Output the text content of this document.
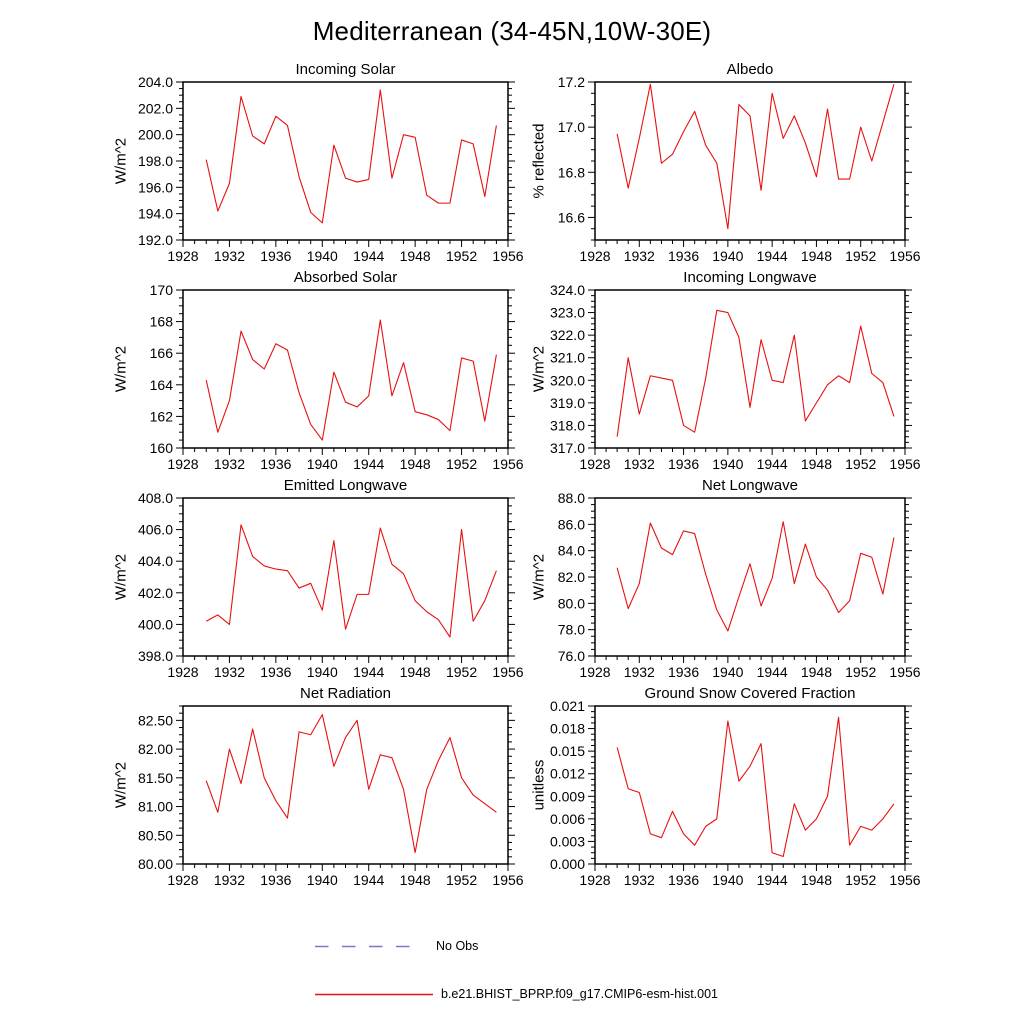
Mediterranean (34-45N,10W-30E)
Incoming Solar
W/m^2
1928 1932 1936 1940 1944 1948 1952 1956
192.0
194.0
196.0
198.0
200.0
202.0
204.0
Albedo
% reflected
1928 1932 1936 1940 1944 1948 1952 1956
16.6
16.8
17.0
17.2
Absorbed Solar
W/m^2
1928 1932 1936 1940 1944 1948 1952 1956
160
162
164
166
168
170
Incoming Longwave
W/m^2
1928 1932 1936 1940 1944 1948 1952 1956
317.0
318.0
319.0
320.0
321.0
322.0
323.0
324.0
Emitted Longwave
W/m^2
1928 1932 1936 1940 1944 1948 1952 1956
398.0
400.0
402.0
404.0
406.0
408.0
Net Longwave
W/m^2
1928 1932 1936 1940 1944 1948 1952 1956
76.0
78.0
80.0
82.0
84.0
86.0
88.0
Net Radiation
W/m^2
1928 1932 1936 1940 1944 1948 1952 1956
80.00
80.50
81.00
81.50
82.00
82.50
Ground Snow Covered Fraction
unitless
1928 1932 1936 1940 1944 1948 1952 1956
0.000
0.003
0.006
0.009
0.012
0.015
0.018
0.021
No Obs
b.e21.BHIST_BPRP.f09_g17.CMIP6-esm-hist.001
